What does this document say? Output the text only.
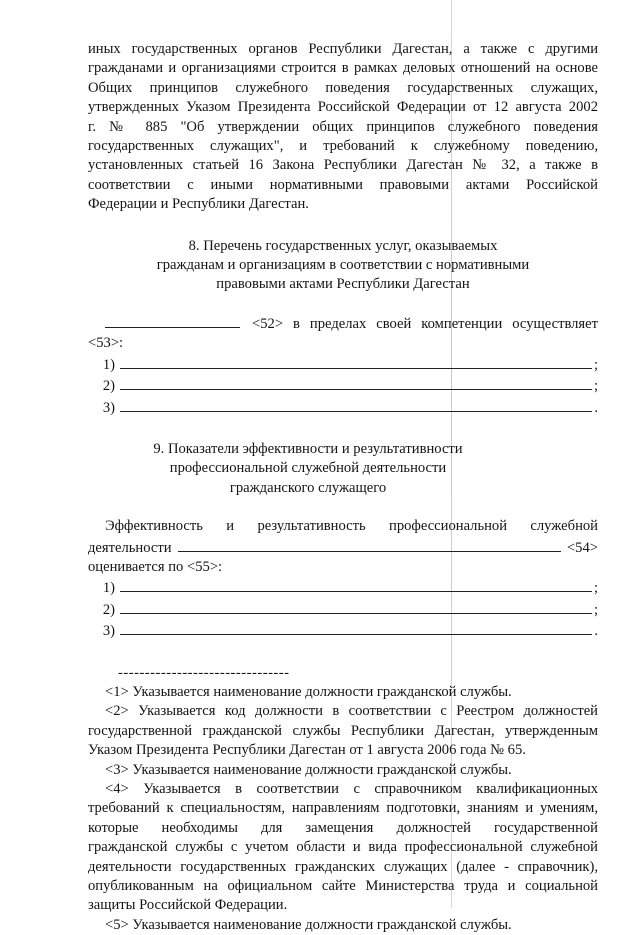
иных государственных органов Республики Дагестан, а также с другими

гражданами и организациями строится в рамках деловых отношений на основе

Общих принципов служебного поведения государственных служащих,

утвержденных Указом Президента Российской Федерации от 12 августа 2002

г. № 885 "Об утверждении общих принципов служебного поведения

государственных служащих", и требований к служебному поведению,

установленных статьей 16 Закона Республики Дагестан № 32, а также в

соответствии с иными нормативными правовыми актами Российской

Федерации и Республики Дагестан.

8. Перечень государственных услуг, оказываемых

гражданам и организациям в соответствии с нормативными

правовыми актами Республики Дагестан

<52> в пределах своей компетенции осуществляет

<53>:

1)	;
2)	;
3)	.

9. Показатели эффективности и результативности

профессиональной служебной деятельности

гражданского служащего

Эффективность и результативность профессиональной служебной

деятельности	<54>

оценивается по <55>:

1)	;
2)	;
3)	.

--------------------------------

<1> Указывается наименование должности гражданской службы.

<2> Указывается код должности в соответствии с Реестром должностей

государственной гражданской службы Республики Дагестан, утвержденным

Указом Президента Республики Дагестан от 1 августа 2006 года № 65.

<3> Указывается наименование должности гражданской службы.

<4> Указывается в соответствии с справочником квалификационных

требований к специальностям, направлениям подготовки, знаниям и умениям,

которые необходимы для замещения должностей государственной

гражданской службы с учетом области и вида профессиональной служебной

деятельности государственных гражданских служащих (далее - справочник),

опубликованным на официальном сайте Министерства труда и социальной

защиты Российской Федерации.

<5> Указывается наименование должности гражданской службы.
